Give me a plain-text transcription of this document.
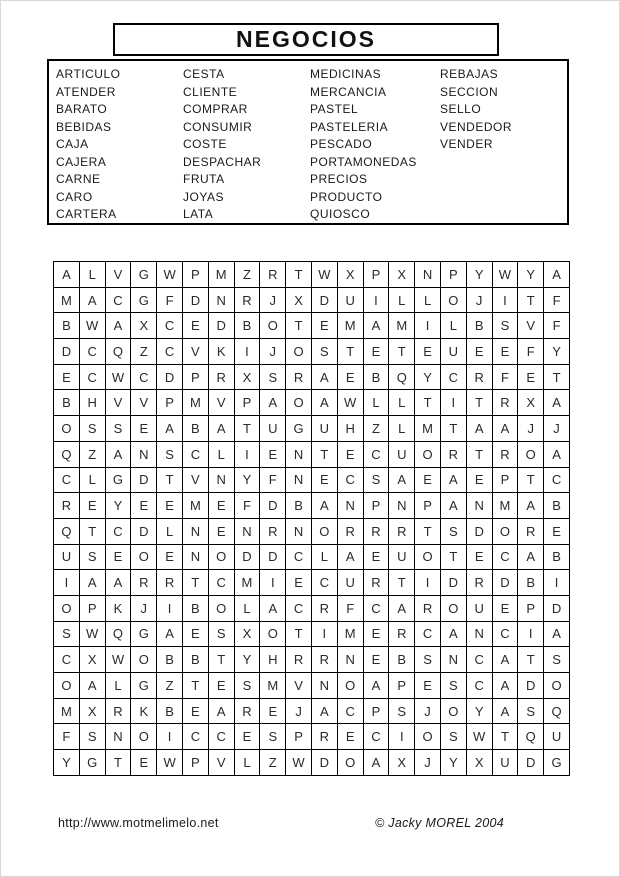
NEGOCIOS
ARTICULO
ATENDER
BARATO
BEBIDAS
CAJA
CAJERA
CARNE
CARO
CARTERA
CESTA
CLIENTE
COMPRAR
CONSUMIR
COSTE
DESPACHAR
FRUTA
JOYAS
LATA
MEDICINAS
MERCANCIA
PASTEL
PASTELERIA
PESCADO
PORTAMONEDAS
PRECIOS
PRODUCTO
QUIOSCO
REBAJAS
SECCION
SELLO
VENDEDOR
VENDER
A	L	V	G	W	P	M	Z	R	T	W	X	P	X	N	P	Y	W	Y	A
M	A	C	G	F	D	N	R	J	X	D	U	I	L	L	O	J	I	T	F
B	W	A	X	C	E	D	B	O	T	E	M	A	M	I	L	B	S	V	F
D	C	Q	Z	C	V	K	I	J	O	S	T	E	T	E	U	E	E	F	Y
E	C	W	C	D	P	R	X	S	R	A	E	B	Q	Y	C	R	F	E	T
B	H	V	V	P	M	V	P	A	O	A	W	L	L	T	I	T	R	X	A
O	S	S	E	A	B	A	T	U	G	U	H	Z	L	M	T	A	A	J	J
Q	Z	A	N	S	C	L	I	E	N	T	E	C	U	O	R	T	R	O	A
C	L	G	D	T	V	N	Y	F	N	E	C	S	A	E	A	E	P	T	C
R	E	Y	E	E	M	E	F	D	B	A	N	P	N	P	A	N	M	A	B
Q	T	C	D	L	N	E	N	R	N	O	R	R	R	T	S	D	O	R	E
U	S	E	O	E	N	O	D	D	C	L	A	E	U	O	T	E	C	A	B
I	A	A	R	R	T	C	M	I	E	C	U	R	T	I	D	R	D	B	I
O	P	K	J	I	B	O	L	A	C	R	F	C	A	R	O	U	E	P	D
S	W	Q	G	A	E	S	X	O	T	I	M	E	R	C	A	N	C	I	A
C	X	W	O	B	B	T	Y	H	R	R	N	E	B	S	N	C	A	T	S
O	A	L	G	Z	T	E	S	M	V	N	O	A	P	E	S	C	A	D	O
M	X	R	K	B	E	A	R	E	J	A	C	P	S	J	O	Y	A	S	Q
F	S	N	O	I	C	C	E	S	P	R	E	C	I	O	S	W	T	Q	U
Y	G	T	E	W	P	V	L	Z	W	D	O	A	X	J	Y	X	U	D	G
http://www.motmelimelo.net	© Jacky MOREL 2004
